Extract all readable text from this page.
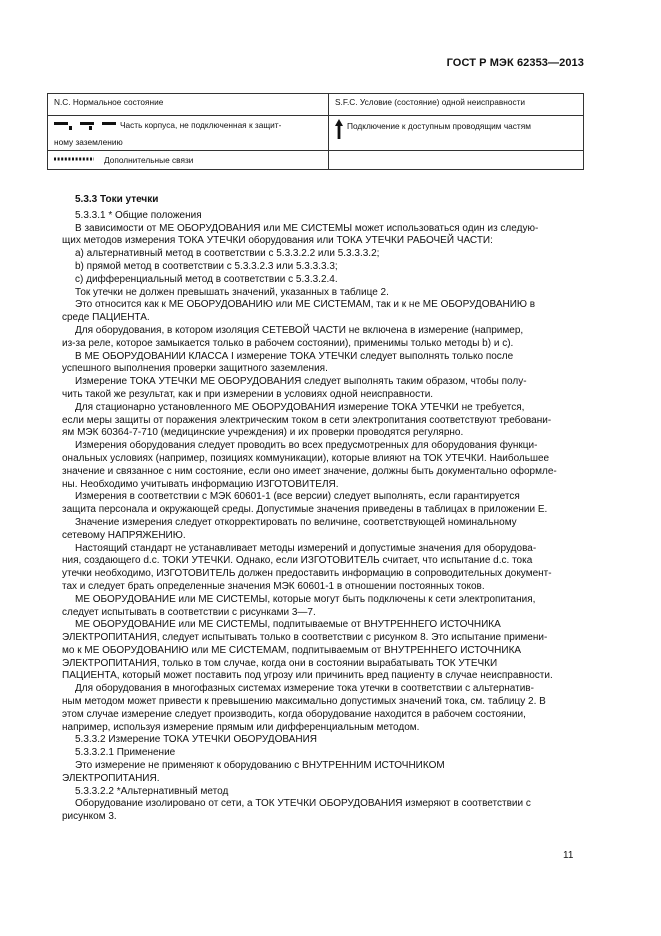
ГОСТ Р МЭК 62353—2013
N.C. Нормальное состояние	S.F.C. Условие (состояние) одной неисправности

Часть корпуса, не подключенная к защит-
ному заземлению	Подключение к доступным проводящим частям

Дополнительные связи	

5.3.3 Токи утечки

5.3.3.1 * Общие положения

В зависимости от МЕ ОБОРУДОВАНИЯ или МЕ СИСТЕМЫ может использоваться один из следую-

щих методов измерения ТОКА УТЕЧКИ оборудования или ТОКА УТЕЧКИ РАБОЧЕЙ ЧАСТИ:

a) альтернативный метод в соответствии с 5.3.3.2.2 или 5.3.3.3.2;

b) прямой метод в соответствии с 5.3.3.2.3 или 5.3.3.3.3;

c) дифференциальный метод в соответствии с 5.3.3.2.4.

Ток утечки не должен превышать значений, указанных в таблице 2.

Это относится как к МЕ ОБОРУДОВАНИЮ или МЕ СИСТЕМАМ, так и к не МЕ ОБОРУДОВАНИЮ в

среде ПАЦИЕНТА.

Для оборудования, в котором изоляция СЕТЕВОЙ ЧАСТИ не включена в измерение (например,

из-за реле, которое замыкается только в рабочем состоянии), применимы только методы b) и c).

В МЕ ОБОРУДОВАНИИ КЛАССА I измерение ТОКА УТЕЧКИ следует выполнять только после

успешного выполнения проверки защитного заземления.

Измерение ТОКА УТЕЧКИ МЕ ОБОРУДОВАНИЯ следует выполнять таким образом, чтобы полу-

чить такой же результат, как и при измерении в условиях одной неисправности.

Для стационарно установленного МЕ ОБОРУДОВАНИЯ измерение ТОКА УТЕЧКИ не требуется,

если меры защиты от поражения электрическим током в сети электропитания соответствуют требовани-

ям МЭК 60364-7-710 (медицинские учреждения) и их проверки проводятся регулярно.

Измерения оборудования следует проводить во всех предусмотренных для оборудования функци-

ональных условиях (например, позициях коммуникации), которые влияют на ТОК УТЕЧКИ. Наибольшее

значение и связанное с ним состояние, если оно имеет значение, должны быть документально оформле-

ны. Необходимо учитывать информацию ИЗГОТОВИТЕЛЯ.

Измерения в соответствии с МЭК 60601-1 (все версии) следует выполнять, если гарантируется

защита персонала и окружающей среды. Допустимые значения приведены в таблицах в приложении Е.

Значение измерения следует откорректировать по величине, соответствующей номинальному

сетевому НАПРЯЖЕНИЮ.

Настоящий стандарт не устанавливает методы измерений и допустимые значения для оборудова-

ния, создающего d.c. ТОКИ УТЕЧКИ. Однако, если ИЗГОТОВИТЕЛЬ считает, что испытание d.c. тока

утечки необходимо, ИЗГОТОВИТЕЛЬ должен предоставить информацию в сопроводительных документ-

тах и следует брать определенные значения МЭК 60601-1 в отношении постоянных токов.

МЕ ОБОРУДОВАНИЕ или МЕ СИСТЕМЫ, которые могут быть подключены к сети электропитания,

следует испытывать в соответствии с рисунками 3—7.

МЕ ОБОРУДОВАНИЕ или МЕ СИСТЕМЫ, подпитываемые от ВНУТРЕННЕГО ИСТОЧНИКА

ЭЛЕКТРОПИТАНИЯ, следует испытывать только в соответствии с рисунком 8. Это испытание примени-

мо к МЕ ОБОРУДОВАНИЮ или МЕ СИСТЕМАМ, подпитываемым от ВНУТРЕННЕГО ИСТОЧНИКА

ЭЛЕКТРОПИТАНИЯ, только в том случае, когда они в состоянии вырабатывать ТОК УТЕЧКИ

ПАЦИЕНТА, который может поставить под угрозу или причинить вред пациенту в случае неисправности.

Для оборудования в многофазных системах измерение тока утечки в соответствии с альтернатив-

ным методом может привести к превышению максимально допустимых значений тока, см. таблицу 2. В

этом случае измерение следует производить, когда оборудование находится в рабочем состоянии,

например, используя измерение прямым или дифференциальным методом.

5.3.3.2 Измерение ТОКА УТЕЧКИ ОБОРУДОВАНИЯ

5.3.3.2.1 Применение

Это измерение не применяют к оборудованию с ВНУТРЕННИМ ИСТОЧНИКОМ

ЭЛЕКТРОПИТАНИЯ.

5.3.3.2.2 *Альтернативный метод

Оборудование изолировано от сети, а ТОК УТЕЧКИ ОБОРУДОВАНИЯ измеряют в соответствии с

рисунком 3.

11
